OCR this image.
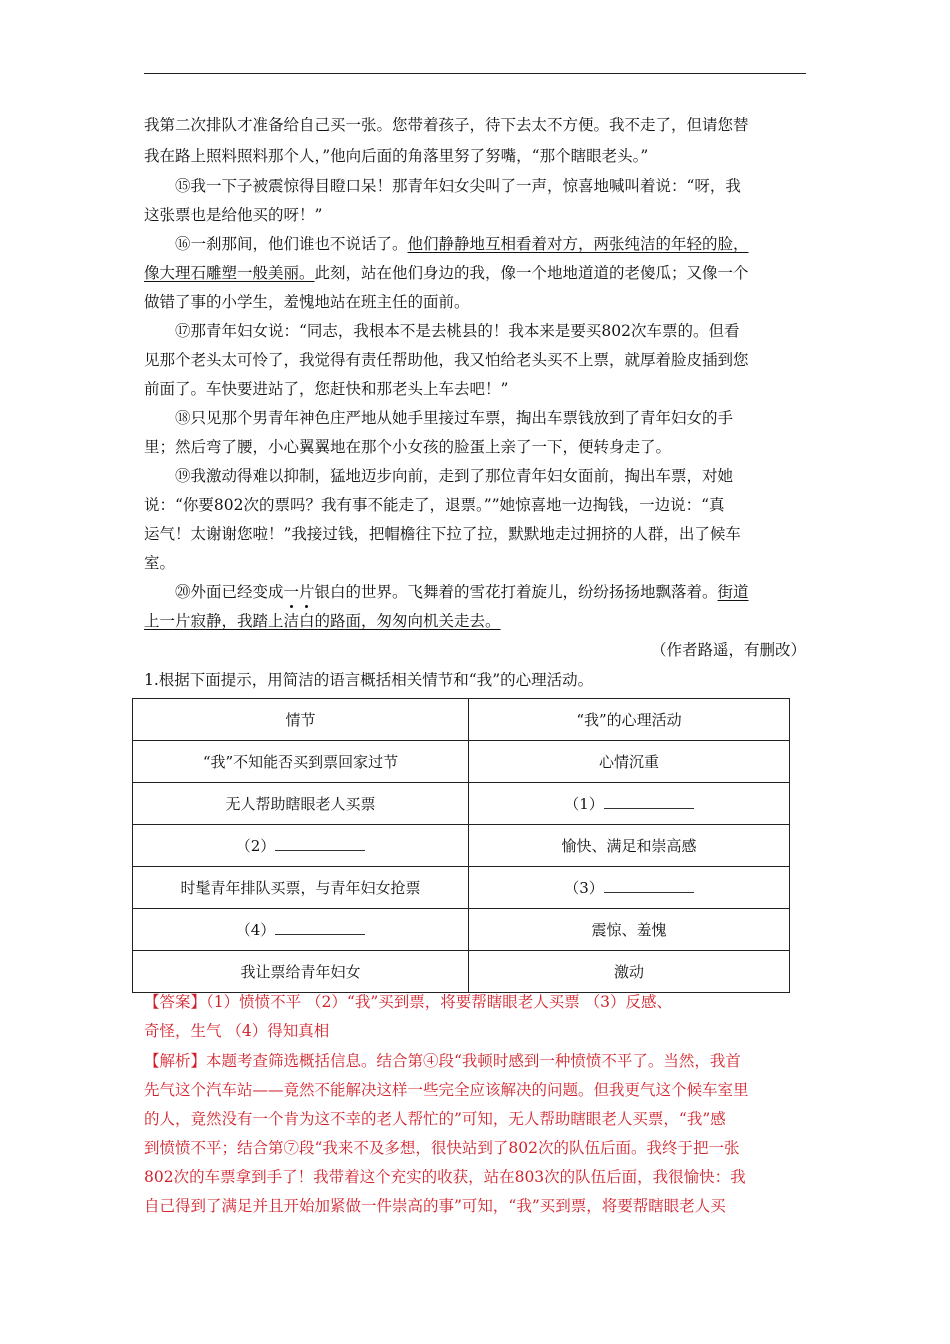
我第二次排队才准备给自己买一张。您带着孩子，待下去太不方便。我不走了，但请您替
我在路上照料照料那个人，”他向后面的角落里努了努嘴，“那个瞎眼老头。”
⑮我一下子被震惊得目瞪口呆！那青年妇女尖叫了一声，惊喜地喊叫着说：“呀，我
这张票也是给他买的呀！”
⑯一刹那间，他们谁也不说话了。他们静静地互相看着对方，两张纯洁的年轻的脸，
像大理石雕塑一般美丽。此刻，站在他们身边的我，像一个地地道道的老傻瓜；又像一个
做错了事的小学生，羞愧地站在班主任的面前。
⑰那青年妇女说：“同志，我根本不是去桃县的！我本来是要买802次车票的。但看
见那个老头太可怜了，我觉得有责任帮助他，我又怕给老头买不上票，就厚着脸皮插到您
前面了。车快要进站了，您赶快和那老头上车去吧！”
⑱只见那个男青年神色庄严地从她手里接过车票，掏出车票钱放到了青年妇女的手
里；然后弯了腰，小心翼翼地在那个小女孩的脸蛋上亲了一下，便转身走了。
⑲我激动得难以抑制，猛地迈步向前，走到了那位青年妇女面前，掏出车票，对她
说：“你要802次的票吗？我有事不能走了，退票。””她惊喜地一边掏钱，一边说：“真
运气！太谢谢您啦！”我接过钱，把帽檐往下拉了拉，默默地走过拥挤的人群，出了候车
室。
⑳外面已经变成一片银白的世界。飞舞着的雪花打着旋儿，纷纷扬扬地飘落着。街道
上一片寂静，我踏上洁白的路面，匆匆向机关走去。
（作者路遥，有删改）
1.根据下面提示，用简洁的语言概括相关情节和“我”的心理活动。
情节	“我”的心理活动
“我”不知能否买到票回家过节	心情沉重
无人帮助瞎眼老人买票	（1）
（2）	愉快、满足和崇高感
时髦青年排队买票，与青年妇女抢票	（3）
（4）	震惊、羞愧
我让票给青年妇女	激动
【答案】（1）愤愤不平 （2）“我”买到票，将要帮瞎眼老人买票 （3）反感、
奇怪，生气 （4）得知真相
【解析】本题考查筛选概括信息。结合第④段“我顿时感到一种愤愤不平了。当然，我首
先气这个汽车站——竟然不能解决这样一些完全应该解决的问题。但我更气这个候车室里
的人，竟然没有一个肯为这不幸的老人帮忙的”可知，无人帮助瞎眼老人买票，“我”感
到愤愤不平；结合第⑦段“我来不及多想，很快站到了802次的队伍后面。我终于把一张
802次的车票拿到手了！我带着这个充实的收获，站在803次的队伍后面，我很愉快：我
自己得到了满足并且开始加紧做一件崇高的事”可知，“我”买到票，将要帮瞎眼老人买
